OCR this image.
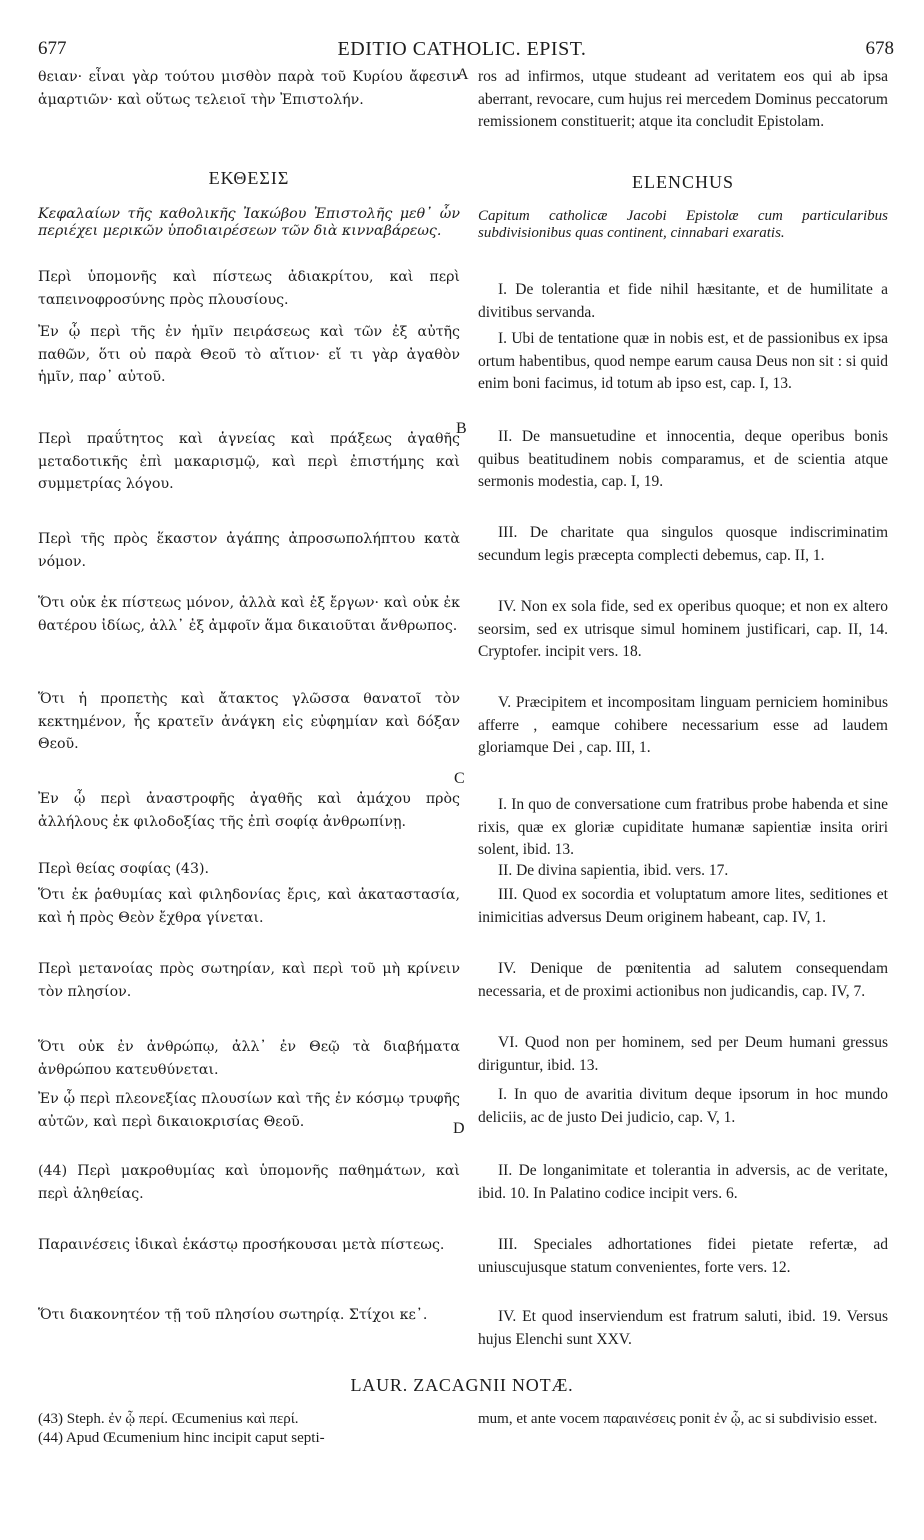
677	EDITIO CATHOLIC. EPIST.	678
A
B
C
D

θειαν· εἶναι γὰρ τούτου μισθὸν παρὰ τοῦ Κυρίου ἄφεσιν ἁμαρτιῶν· καὶ οὕτως τελειοῖ τὴν Ἐπιστολήν.

ΕΚΘΕΣΙΣ

Κεφαλαίων τῆς καθολικῆς Ἰακώβου Ἐπιστολῆς μεθ᾽ ὧν περιέχει μερικῶν ὑποδιαιρέσεων τῶν διὰ κινναβάρεως.

Περὶ ὑπομονῆς καὶ πίστεως ἀδιακρίτου, καὶ περὶ ταπεινοφροσύνης πρὸς πλουσίους.

Ἐν ᾧ περὶ τῆς ἐν ἡμῖν πειράσεως καὶ τῶν ἐξ αὐτῆς παθῶν, ὅτι οὐ παρὰ Θεοῦ τὸ αἴτιον· εἴ τι γὰρ ἀγαθὸν ἡμῖν, παρ᾽ αὐτοῦ.

Περὶ πραΰτητος καὶ ἁγνείας καὶ πράξεως ἀγαθῆς μεταδοτικῆς ἐπὶ μακαρισμῷ, καὶ περὶ ἐπιστήμης καὶ συμμετρίας λόγου.

Περὶ τῆς πρὸς ἕκαστον ἀγάπης ἀπροσωπολήπτου κατὰ νόμον.

Ὅτι οὐκ ἐκ πίστεως μόνον, ἀλλὰ καὶ ἐξ ἔργων· καὶ οὐκ ἐκ θατέρου ἰδίως, ἀλλ᾽ ἐξ ἀμφοῖν ἅμα δικαιοῦται ἄνθρωπος.

Ὅτι ἡ προπετὴς καὶ ἄτακτος γλῶσσα θανατοῖ τὸν κεκτημένον, ἧς κρατεῖν ἀνάγκη εἰς εὐφημίαν καὶ δόξαν Θεοῦ.

Ἐν ᾧ περὶ ἀναστροφῆς ἀγαθῆς καὶ ἀμάχου πρὸς ἀλλήλους ἐκ φιλοδοξίας τῆς ἐπὶ σοφίᾳ ἀνθρωπίνῃ.

Περὶ θείας σοφίας (43).

Ὅτι ἐκ ῥαθυμίας καὶ φιληδονίας ἔρις, καὶ ἀκαταστασία, καὶ ἡ πρὸς Θεὸν ἔχθρα γίνεται.

Περὶ μετανοίας πρὸς σωτηρίαν, καὶ περὶ τοῦ μὴ κρίνειν τὸν πλησίον.

Ὅτι οὐκ ἐν ἀνθρώπῳ, ἀλλ᾽ ἐν Θεῷ τὰ διαβήματα ἀνθρώπου κατευθύνεται.

Ἐν ᾧ περὶ πλεονεξίας πλουσίων καὶ τῆς ἐν κόσμῳ τρυφῆς αὐτῶν, καὶ περὶ δικαιοκρισίας Θεοῦ.

(44) Περὶ μακροθυμίας καὶ ὑπομονῆς παθημάτων, καὶ περὶ ἀληθείας.

Παραινέσεις ἰδικαὶ ἑκάστῳ προσήκουσαι μετὰ πίστεως.

Ὅτι διακονητέον τῇ τοῦ πλησίου σωτηρίᾳ. Στίχοι κε᾽.

ros ad infirmos, utque studeant ad veritatem eos qui ab ipsa aberrant, revocare, cum hujus rei mercedem Dominus peccatorum remissionem constituerit; atque ita concludit Epistolam.

ELENCHUS

Capitum catholicæ Jacobi Epistolæ cum particularibus subdivisionibus quas continent, cinnabari exaratis.

I. De tolerantia et fide nihil hæsitante, et de humilitate a divitibus servanda.

I. Ubi de tentatione quæ in nobis est, et de passionibus ex ipsa ortum habentibus, quod nempe earum causa Deus non sit : si quid enim boni facimus, id totum ab ipso est, cap. I, 13.

II. De mansuetudine et innocentia, deque operibus bonis quibus beatitudinem nobis comparamus, et de scientia atque sermonis modestia, cap. I, 19.

III. De charitate qua singulos quosque indiscriminatim secundum legis præcepta complecti debemus, cap. II, 1.

IV. Non ex sola fide, sed ex operibus quoque; et non ex altero seorsim, sed ex utrisque simul hominem justificari, cap. II, 14. Cryptofer. incipit vers. 18.

V. Præcipitem et incompositam linguam perniciem hominibus afferre , eamque cohibere necessarium esse ad laudem gloriamque Dei , cap. III, 1.

I. In quo de conversatione cum fratribus probe habenda et sine rixis, quæ ex gloriæ cupiditate humanæ sapientiæ insita oriri solent, ibid. 13.

II. De divina sapientia, ibid. vers. 17.

III. Quod ex socordia et voluptatum amore lites, seditiones et inimicitias adversus Deum originem habeant, cap. IV, 1.

IV. Denique de pœnitentia ad salutem consequendam necessaria, et de proximi actionibus non judicandis, cap. IV, 7.

VI. Quod non per hominem, sed per Deum humani gressus diriguntur, ibid. 13.

I. In quo de avaritia divitum deque ipsorum in hoc mundo deliciis, ac de justo Dei judicio, cap. V, 1.

II. De longanimitate et tolerantia in adversis, ac de veritate, ibid. 10. In Palatino codice incipit vers. 6.

III. Speciales adhortationes fidei pietate refertæ, ad uniuscujusque statum convenientes, forte vers. 12.

IV. Et quod inserviendum est fratrum saluti, ibid. 19. Versus hujus Elenchi sunt XXV.

LAUR. ZACAGNII NOTÆ.
(43) Steph. ἐν ᾧ περί. Œcumenius καὶ περί.
(44) Apud Œcumenium hinc incipit caput septi-
mum, et ante vocem παραινέσεις ponit ἐν ᾧ, ac si subdivisio esset.
